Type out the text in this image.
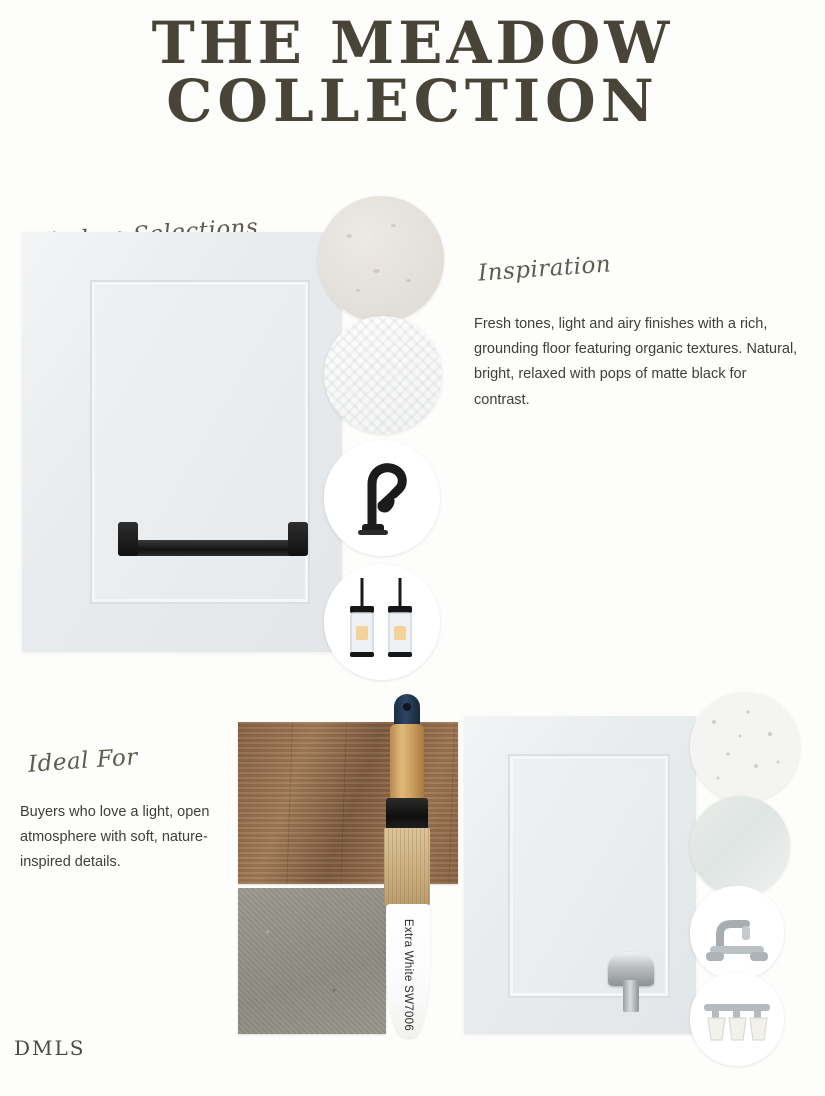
THE MEADOW
COLLECTION
Inspiration
Fresh tones, light and airy finishes with a rich, grounding floor featuring organic textures. Natural, bright, relaxed with pops of matte black for contrast.
Ideal For
Buyers who love a light, open atmosphere with soft, nature-inspired details.
Extra White SW7006
DMLS
